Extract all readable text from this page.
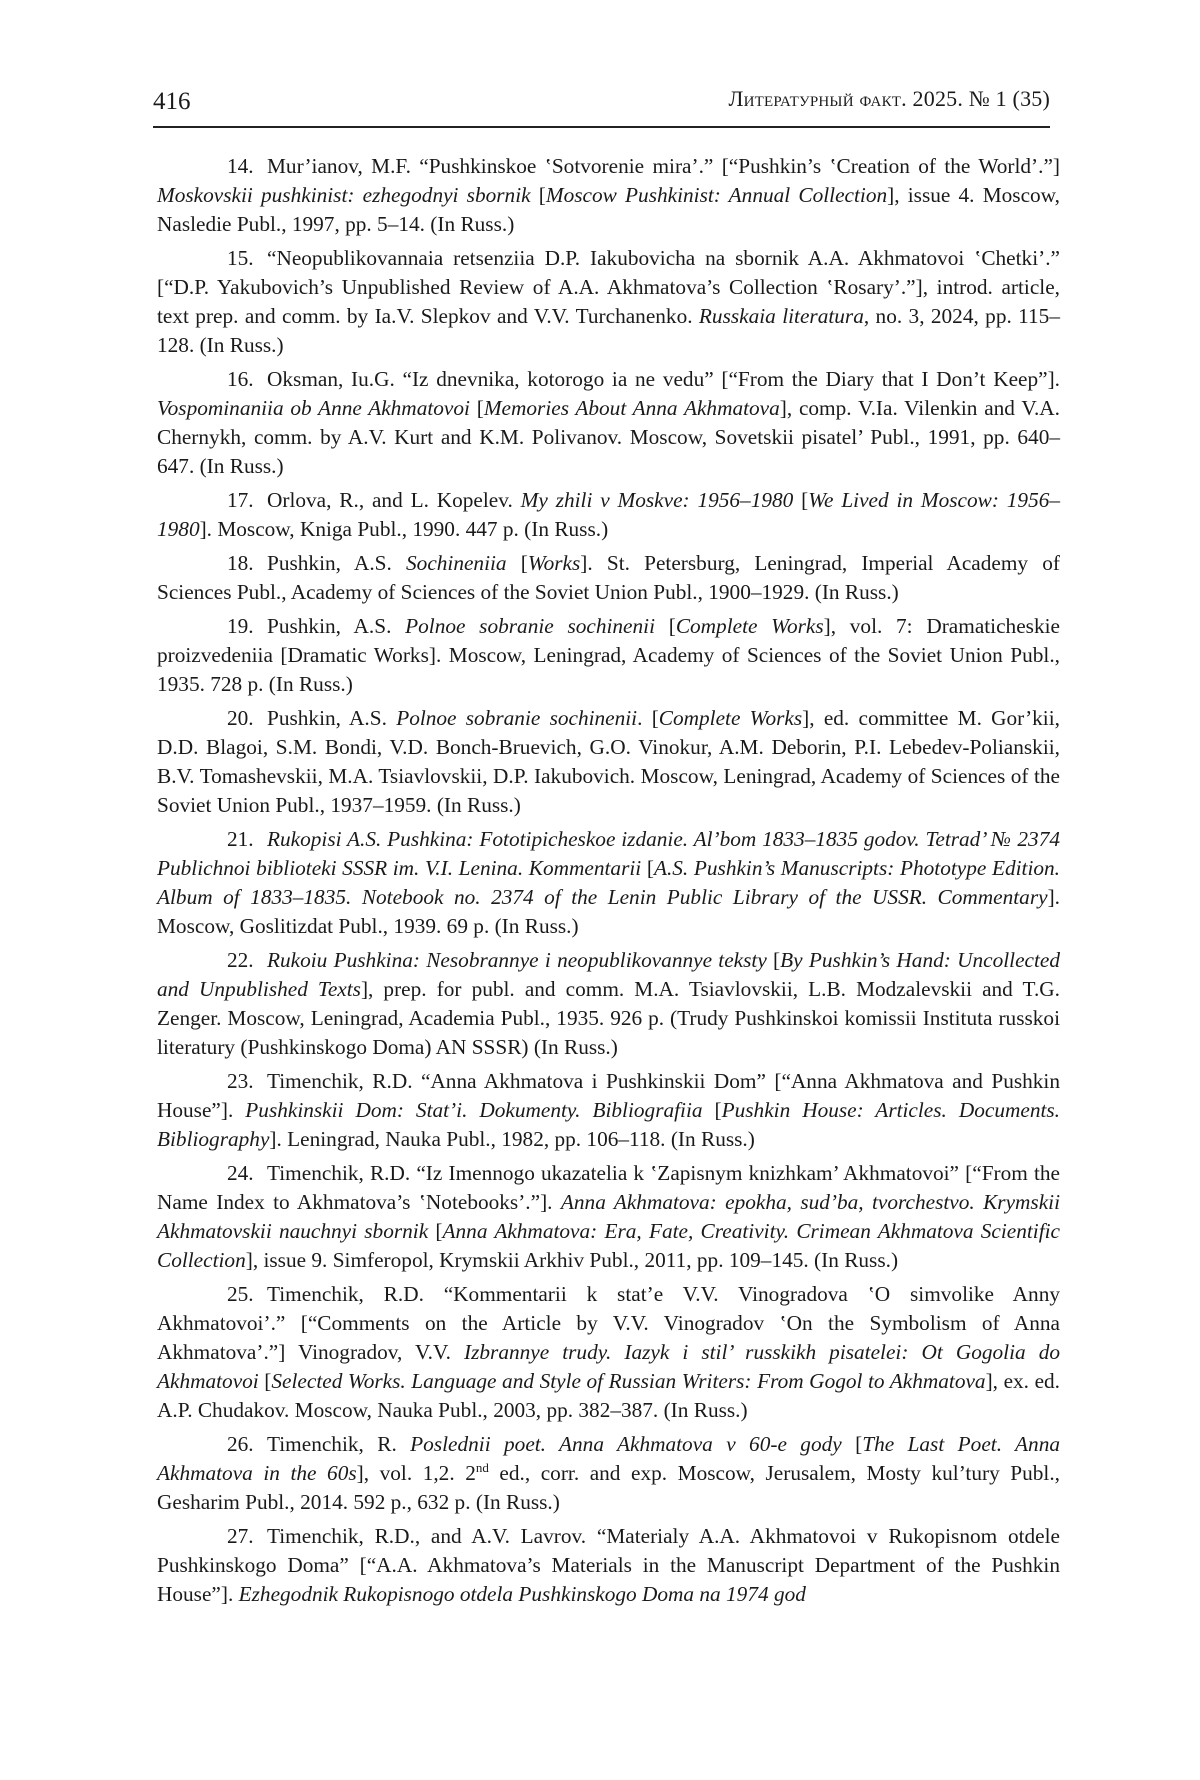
416	Литературный факт. 2025. № 1 (35)

14. Mur’ianov, M.F. “Pushkinskoe ʽSotvorenie mira’.” [“Pushkin’s ʽCreation of the World’.”] Moskovskii pushkinist: ezhegodnyi sbornik [Moscow Pushkinist: Annual Collection], issue 4. Moscow, Nasledie Publ., 1997, pp. 5–14. (In Russ.)

15. “Neopublikovannaia retsenziia D.P. Iakubovicha na sbornik A.A. Akhmatovoi ʽChetki’.” [“D.P. Yakubovich’s Unpublished Review of A.A. Akhmatova’s Collection ʽRosary’.”], introd. article, text prep. and comm. by Ia.V. Slepkov and V.V. Turchanenko. Russkaia literatura, no. 3, 2024, pp. 115–128. (In Russ.)

16. Oksman, Iu.G. “Iz dnevnika, kotorogo ia ne vedu” [“From the Diary that I Don’t Keep”]. Vospominaniia ob Anne Akhmatovoi [Memories About Anna Akhmatova], comp. V.Ia. Vilenkin and V.A. Chernykh, comm. by A.V. Kurt and K.M. Polivanov. Moscow, Sovetskii pisatel’ Publ., 1991, pp. 640–647. (In Russ.)

17. Orlova, R., and L. Kopelev. My zhili v Moskve: 1956–1980 [We Lived in Moscow: 1956–1980]. Moscow, Kniga Publ., 1990. 447 p. (In Russ.)

18. Pushkin, A.S. Sochineniia [Works]. St. Petersburg, Leningrad, Imperial Academy of Sciences Publ., Academy of Sciences of the Soviet Union Publ., 1900–1929. (In Russ.)

19. Pushkin, A.S. Polnoe sobranie sochinenii [Complete Works], vol. 7: Dramaticheskie proizvedeniia [Dramatic Works]. Moscow, Leningrad, Academy of Sciences of the Soviet Union Publ., 1935. 728 p. (In Russ.)

20. Pushkin, A.S. Polnoe sobranie sochinenii. [Complete Works], ed. committee M. Gor’kii, D.D. Blagoi, S.M. Bondi, V.D. Bonch-Bruevich, G.O. Vinokur, A.M. Deborin, P.I. Lebedev-Polianskii, B.V. Tomashevskii, M.A. Tsiavlovskii, D.P. Iakubovich. Moscow, Leningrad, Academy of Sciences of the Soviet Union Publ., 1937–1959. (In Russ.)

21. Rukopisi A.S. Pushkina: Fototipicheskoe izdanie. Al’bom 1833–1835 godov. Tetrad’ № 2374 Publichnoi biblioteki SSSR im. V.I. Lenina. Kommentarii [A.S. Pushkin’s Manuscripts: Phototype Edition. Album of 1833–1835. Notebook no. 2374 of the Lenin Public Library of the USSR. Commentary]. Moscow, Goslitizdat Publ., 1939. 69 p. (In Russ.)

22. Rukoiu Pushkina: Nesobrannye i neopublikovannye teksty [By Pushkin’s Hand: Uncollected and Unpublished Texts], prep. for publ. and comm. M.A. Tsiavlovskii, L.B. Modzalevskii and T.G. Zenger. Moscow, Leningrad, Academia Publ., 1935. 926 p. (Trudy Pushkinskoi komissii Instituta russkoi literatury (Pushkinskogo Doma) AN SSSR) (In Russ.)

23. Timenchik, R.D. “Anna Akhmatova i Pushkinskii Dom” [“Anna Akhmatova and Pushkin House”]. Pushkinskii Dom: Stat’i. Dokumenty. Bibliografiia [Pushkin House: Articles. Documents. Bibliography]. Leningrad, Nauka Publ., 1982, pp. 106–118. (In Russ.)

24. Timenchik, R.D. “Iz Imennogo ukazatelia k ʽZapisnym knizhkam’ Akhmatovoi” [“From the Name Index to Akhmatova’s ʽNotebooks’.”]. Anna Akhmatova: epokha, sud’ba, tvorchestvo. Krymskii Akhmatovskii nauchnyi sbornik [Anna Akhmatova: Era, Fate, Creativity. Crimean Akhmatova Scientific Collection], issue 9. Simferopol, Krymskii Arkhiv Publ., 2011, pp. 109–145. (In Russ.)

25. Timenchik, R.D. “Kommentarii k stat’e V.V. Vinogradova ʽO simvolike Anny Akhmatovoi’.” [“Comments on the Article by V.V. Vinogradov ʽOn the Symbolism of Anna Akhmatova’.”] Vinogradov, V.V. Izbrannye trudy. Iazyk i stil’ russkikh pisatelei: Ot Gogolia do Akhmatovoi [Selected Works. Language and Style of Russian Writers: From Gogol to Akhmatova], ex. ed. A.P. Chudakov. Moscow, Nauka Publ., 2003, pp. 382–387. (In Russ.)

26. Timenchik, R. Poslednii poet. Anna Akhmatova v 60-e gody [The Last Poet. Anna Akhmatova in the 60s], vol. 1,2. 2nd ed., corr. and exp. Moscow, Jerusalem, Mosty kul’tury Publ., Gesharim Publ., 2014. 592 p., 632 p. (In Russ.)

27. Timenchik, R.D., and A.V. Lavrov. “Materialy A.A. Akhmatovoi v Rukopisnom otdele Pushkinskogo Doma” [“A.A. Akhmatova’s Materials in the Manuscript Department of the Pushkin House”]. Ezhegodnik Rukopisnogo otdela Pushkinskogo Doma na 1974 god
